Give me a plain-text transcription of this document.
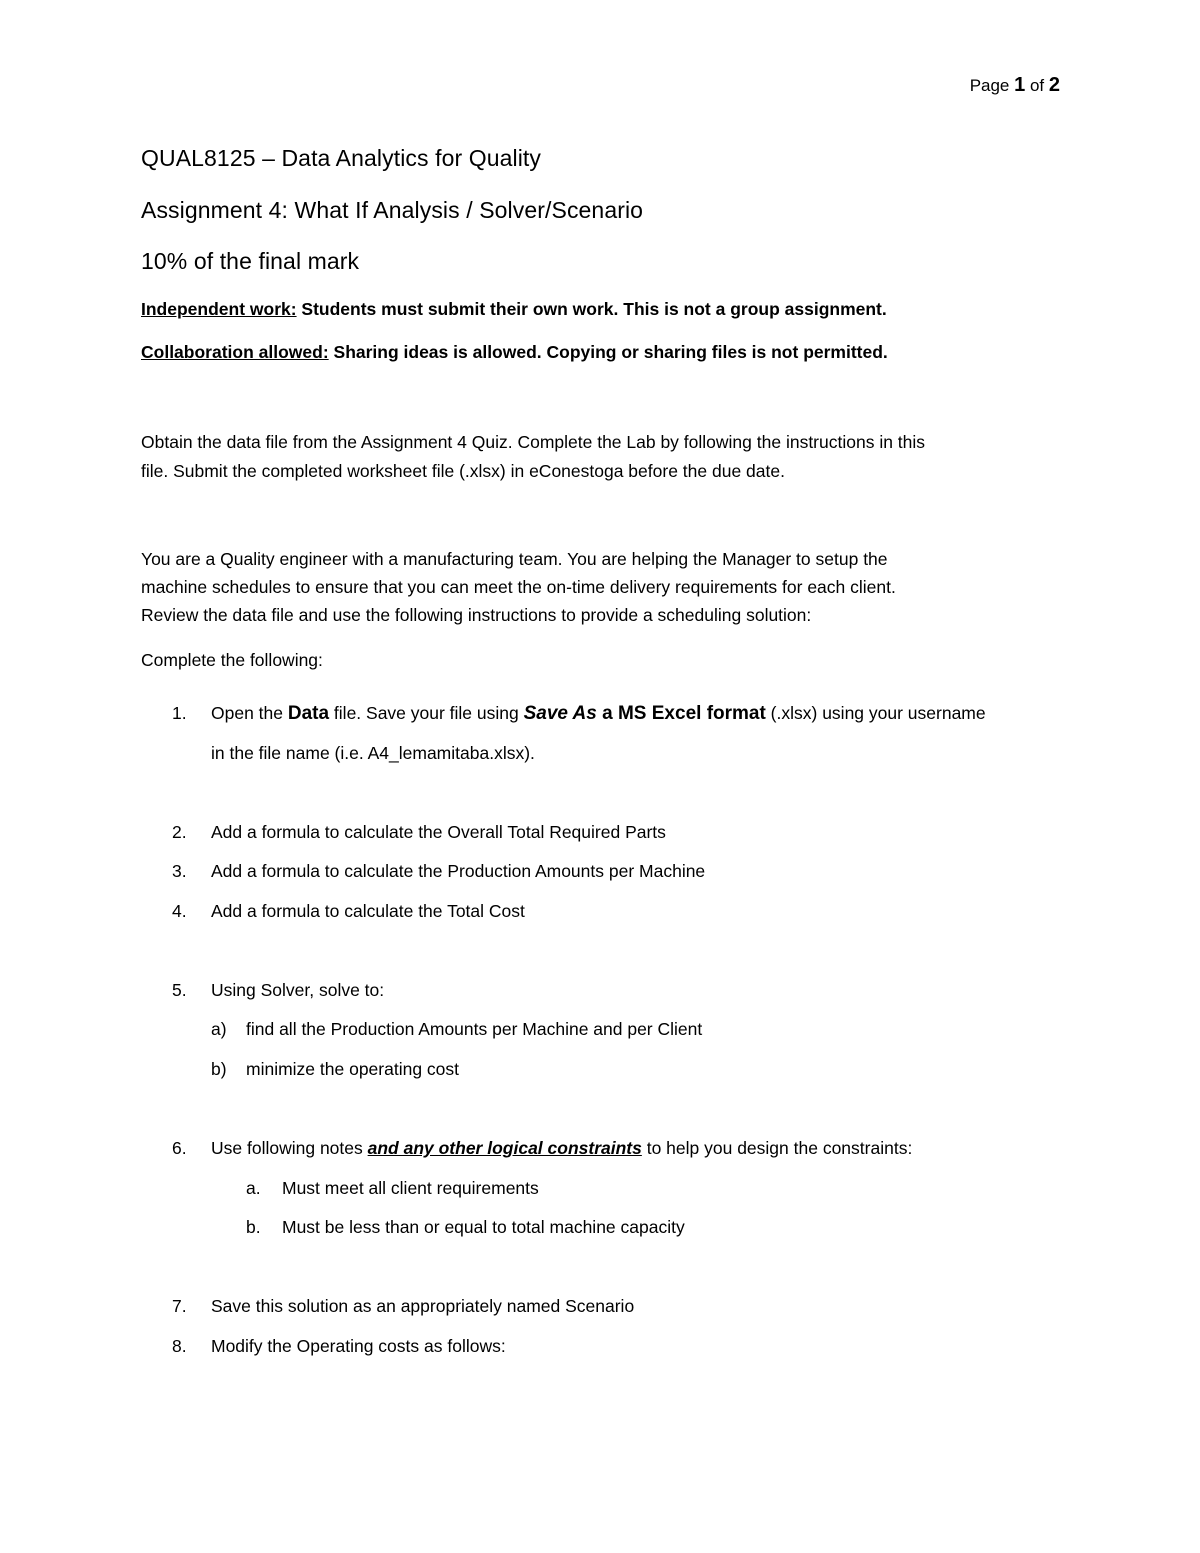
Page 1 of 2
QUAL8125 – Data Analytics for Quality
Assignment 4: What If Analysis / Solver/Scenario
10% of the final mark
Independent work: Students must submit their own work. This is not a group assignment.
Collaboration allowed: Sharing ideas is allowed. Copying or sharing files is not permitted.
Obtain the data file from the Assignment 4 Quiz. Complete the Lab by following the instructions in this
file. Submit the completed worksheet file (.xlsx) in eConestoga before the due date.
You are a Quality engineer with a manufacturing team. You are helping the Manager to setup the
machine schedules to ensure that you can meet the on-time delivery requirements for each client.
Review the data file and use the following instructions to provide a scheduling solution:
Complete the following:
1.	Open the Data file. Save your file using Save As a MS Excel format (.xlsx) using your username
in the file name (i.e. A4_lemamitaba.xlsx).
2.	Add a formula to calculate the Overall Total Required Parts
3.	Add a formula to calculate the Production Amounts per Machine
4.	Add a formula to calculate the Total Cost
5.	Using Solver, solve to:
a) find all the Production Amounts per Machine and per Client
b) minimize the operating cost
6.	Use following notes and any other logical constraints to help you design the constraints:
a. Must meet all client requirements
b. Must be less than or equal to total machine capacity
7.	Save this solution as an appropriately named Scenario
8.	Modify the Operating costs as follows:
